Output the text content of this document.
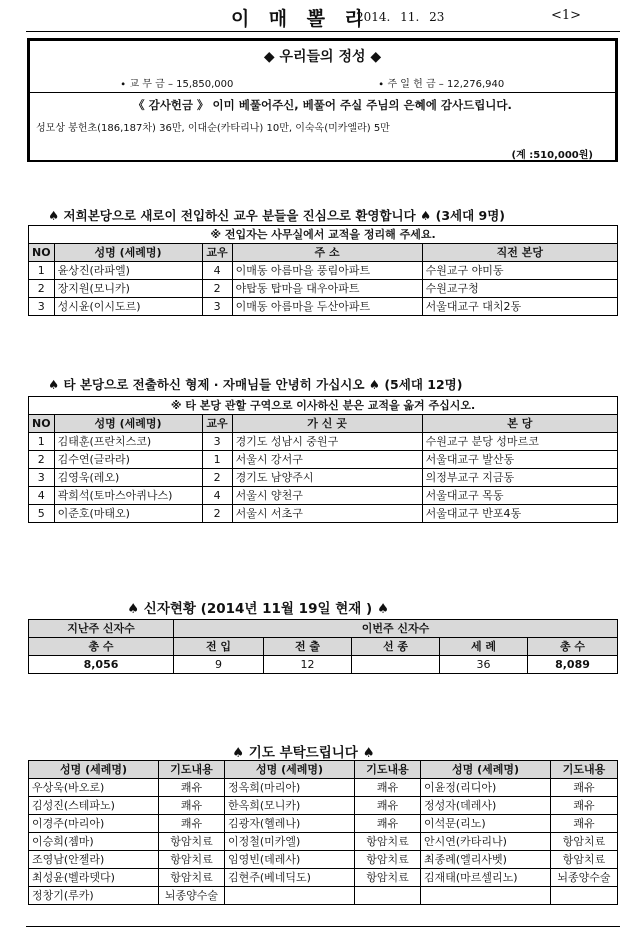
이 매 뽈 리
2014. 11. 23	<1>
◆ 우리들의 정성 ◆
∙ 교 무 금 – 15,850,000	∙ 주 일 헌 금 – 12,276,940
《 감사헌금 》 이미 베풀어주신, 베풀어 주실 주님의 은혜에 감사드립니다.
성모상 봉헌초(186,187차) 36만, 이대순(카타리나) 10만, 이숙옥(미카엘라) 5만
(계 :510,000원)
♠ 저희본당으로 새로이 전입하신 교우 분들을 진심으로 환영합니다 ♠ (3세대 9명)
※ 전입자는 사무실에서 교적을 정리해 주세요.				
NO	성명 (세례명)	교우	주 소	직전 본당
1	윤상진(라파엘)	4	이매동 아름마을 풍림아파트	수원교구 야미동
2	장지원(모니카)	2	야탑동 탑마을 대우아파트	수원교구청
3	성시윤(이시도르)	3	이매동 아름마을 두산아파트	서울대교구 대치2동
♠ 타 본당으로 전출하신 형제 · 자매님들 안녕히 가십시오 ♠ (5세대 12명)
※ 타 본당 관할 구역으로 이사하신 분은 교적을 옮겨 주십시오.				
NO	성명 (세례명)	교우	가 신 곳	본 당
1	김태훈(프란치스코)	3	경기도 성남시 중원구	수원교구 분당 성마르코
2	김수연(글라라)	1	서울시 강서구	서울대교구 발산동
3	김영욱(레오)	2	경기도 남양주시	의정부교구 지금동
4	곽희석(토마스아퀴나스)	4	서울시 양천구	서울대교구 목동
5	이준호(마태오)	2	서울시 서초구	서울대교구 반포4동
♠ 신자현황 (2014년 11월 19일 현재 ) ♠
지난주 신자수	이번주 신자수				
총 수	전 입	전 출	선 종	세 례	총 수
8,056	9	12		36	8,089
♠ 기도 부탁드립니다 ♠
성명 (세례명)	기도내용	성명 (세례명)	기도내용	성명 (세례명)	기도내용
우상욱(바오로)	쾌유	정옥희(마리아)	쾌유	이윤정(리디아)	쾌유
김성진(스테파노)	쾌유	한옥희(모니카)	쾌유	정성자(데레사)	쾌유
이경주(마리아)	쾌유	김광자(헬레나)	쾌유	이석문(리노)	쾌유
이승희(젬마)	항암치료	이정철(미카엘)	항암치료	안시연(카타리나)	항암치료
조영남(안젤라)	항암치료	임영빈(데레사)	항암치료	최종례(엘리사벳)	항암치료
최성윤(벨라뎃다)	항암치료	김현주(베네딕도)	항암치료	김재태(마르셀리노)	뇌종양수술
정창기(루카)	뇌종양수술				
